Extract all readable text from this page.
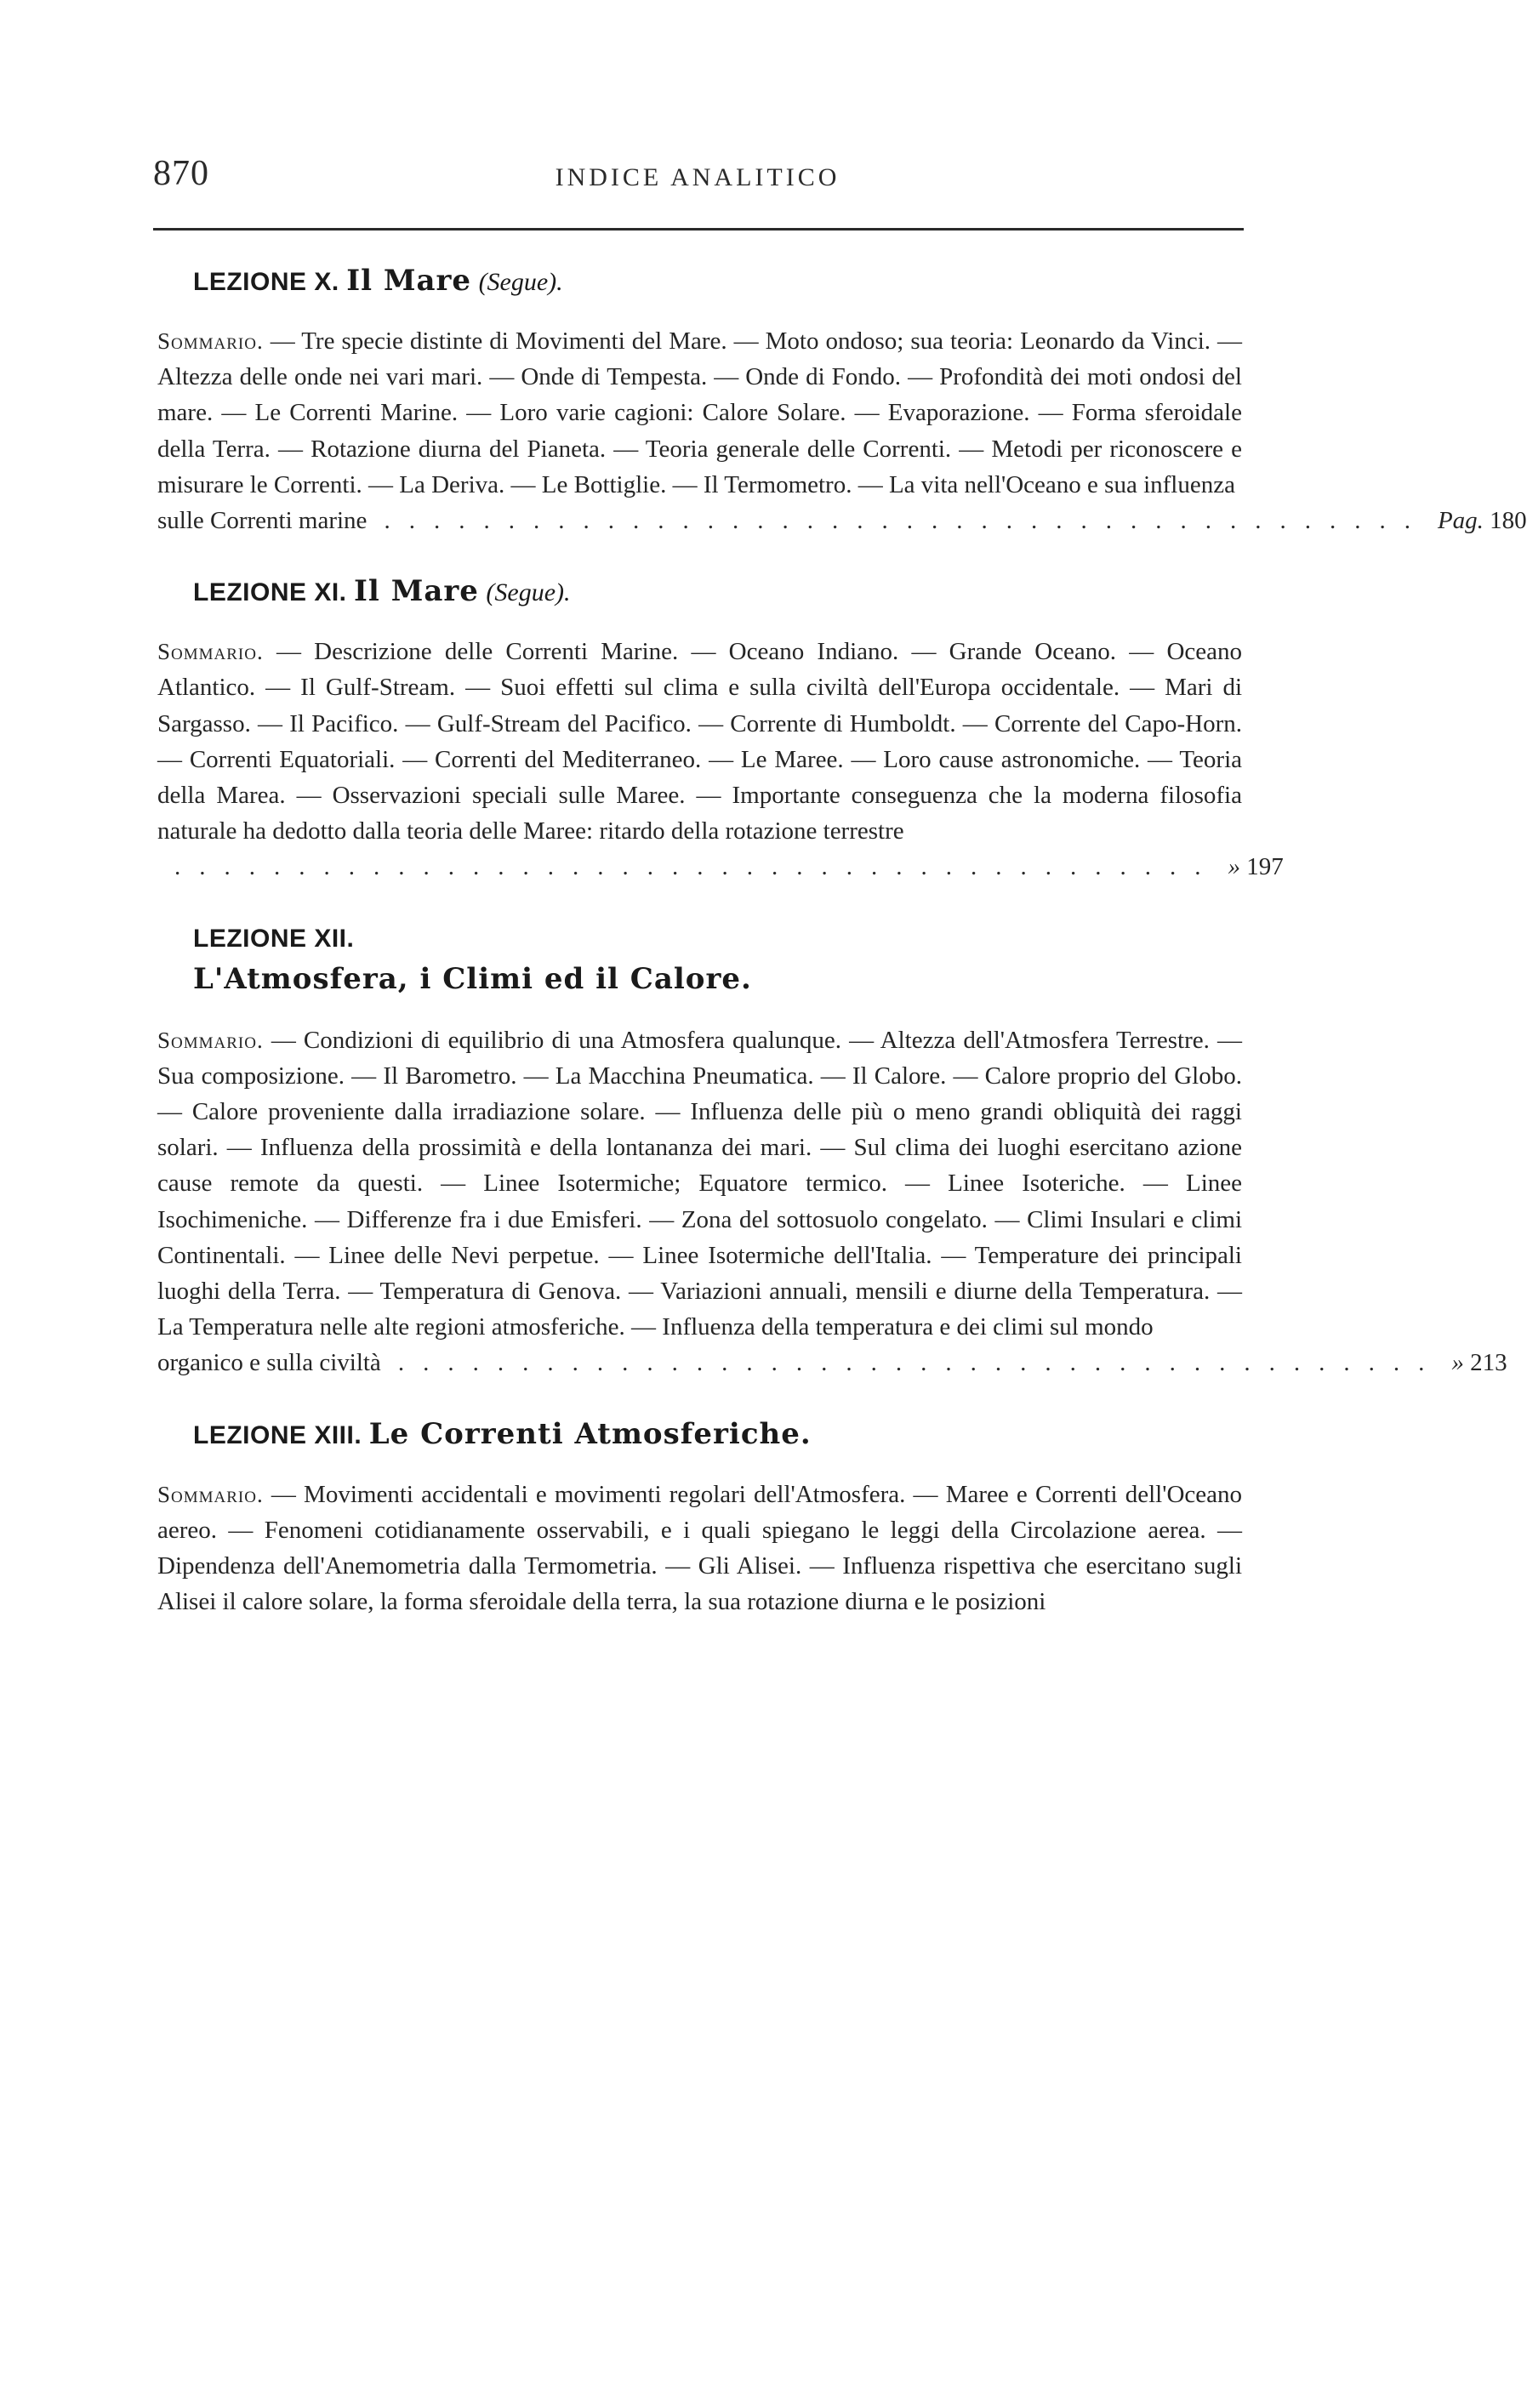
870	INDICE ANALITICO
LEZIONE X. Il Mare (Segue).
Sommario. — Tre specie distinte di Movimenti del Mare. — Moto ondoso; sua teoria: Leonardo da Vinci. — Altezza delle onde nei vari mari. — Onde di Tempesta. — Onde di Fondo. — Profondità dei moti ondosi del mare. — Le Correnti Marine. — Loro varie cagioni: Calore Solare. — Evaporazione. — Forma sferoidale della Terra. — Rotazione diurna del Pianeta. — Teoria generale delle Correnti. — Metodi per riconoscere e misurare le Correnti. — La Deriva. — Le Bottiglie. — Il Termometro. — La vita nell'Oceano e sua influenza
sulle Correnti marine .......................................... Pag. 180
LEZIONE XI. Il Mare (Segue).
Sommario. — Descrizione delle Correnti Marine. — Oceano Indiano. — Grande Oceano. — Oceano Atlantico. — Il Gulf-Stream. — Suoi effetti sul clima e sulla civiltà dell'Europa occidentale. — Mari di Sargasso. — Il Pacifico. — Gulf-Stream del Pacifico. — Corrente di Humboldt. — Corrente del Capo-Horn. — Correnti Equatoriali. — Correnti del Mediterraneo. — Le Maree. — Loro cause astronomiche. — Teoria della Marea. — Osservazioni speciali sulle Maree. — Importante conseguenza che la moderna filosofia naturale ha dedotto dalla teoria delle Maree: ritardo della rotazione terrestre
.......................................... » 197
LEZIONE XII. L'Atmosfera, i Climi ed il Calore.
Sommario. — Condizioni di equilibrio di una Atmosfera qualunque. — Altezza dell'Atmosfera Terrestre. — Sua composizione. — Il Barometro. — La Macchina Pneumatica. — Il Calore. — Calore proprio del Globo. — Calore proveniente dalla irradiazione solare. — Influenza delle più o meno grandi obliquità dei raggi solari. — Influenza della prossimità e della lontananza dei mari. — Sul clima dei luoghi esercitano azione cause remote da questi. — Linee Isotermiche; Equatore termico. — Linee Isoteriche. — Linee Isochimeniche. — Differenze fra i due Emisferi. — Zona del sottosuolo congelato. — Climi Insulari e climi Continentali. — Linee delle Nevi perpetue. — Linee Isotermiche dell'Italia. — Temperature dei principali luoghi della Terra. — Temperatura di Genova. — Variazioni annuali, mensili e diurne della Temperatura. — La Temperatura nelle alte regioni atmosferiche. — Influenza della temperatura e dei climi sul mondo
organico e sulla civiltà .......................................... » 213
LEZIONE XIII. Le Correnti Atmosferiche.
Sommario. — Movimenti accidentali e movimenti regolari dell'Atmosfera. — Maree e Correnti dell'Oceano aereo. — Fenomeni cotidianamente osservabili, e i quali spiegano le leggi della Circolazione aerea. — Dipendenza dell'Anemometria dalla Termometria. — Gli Alisei. — Influenza rispettiva che esercitano sugli Alisei il calore solare, la forma sferoidale della terra, la sua rotazione diurna e le posizioni
